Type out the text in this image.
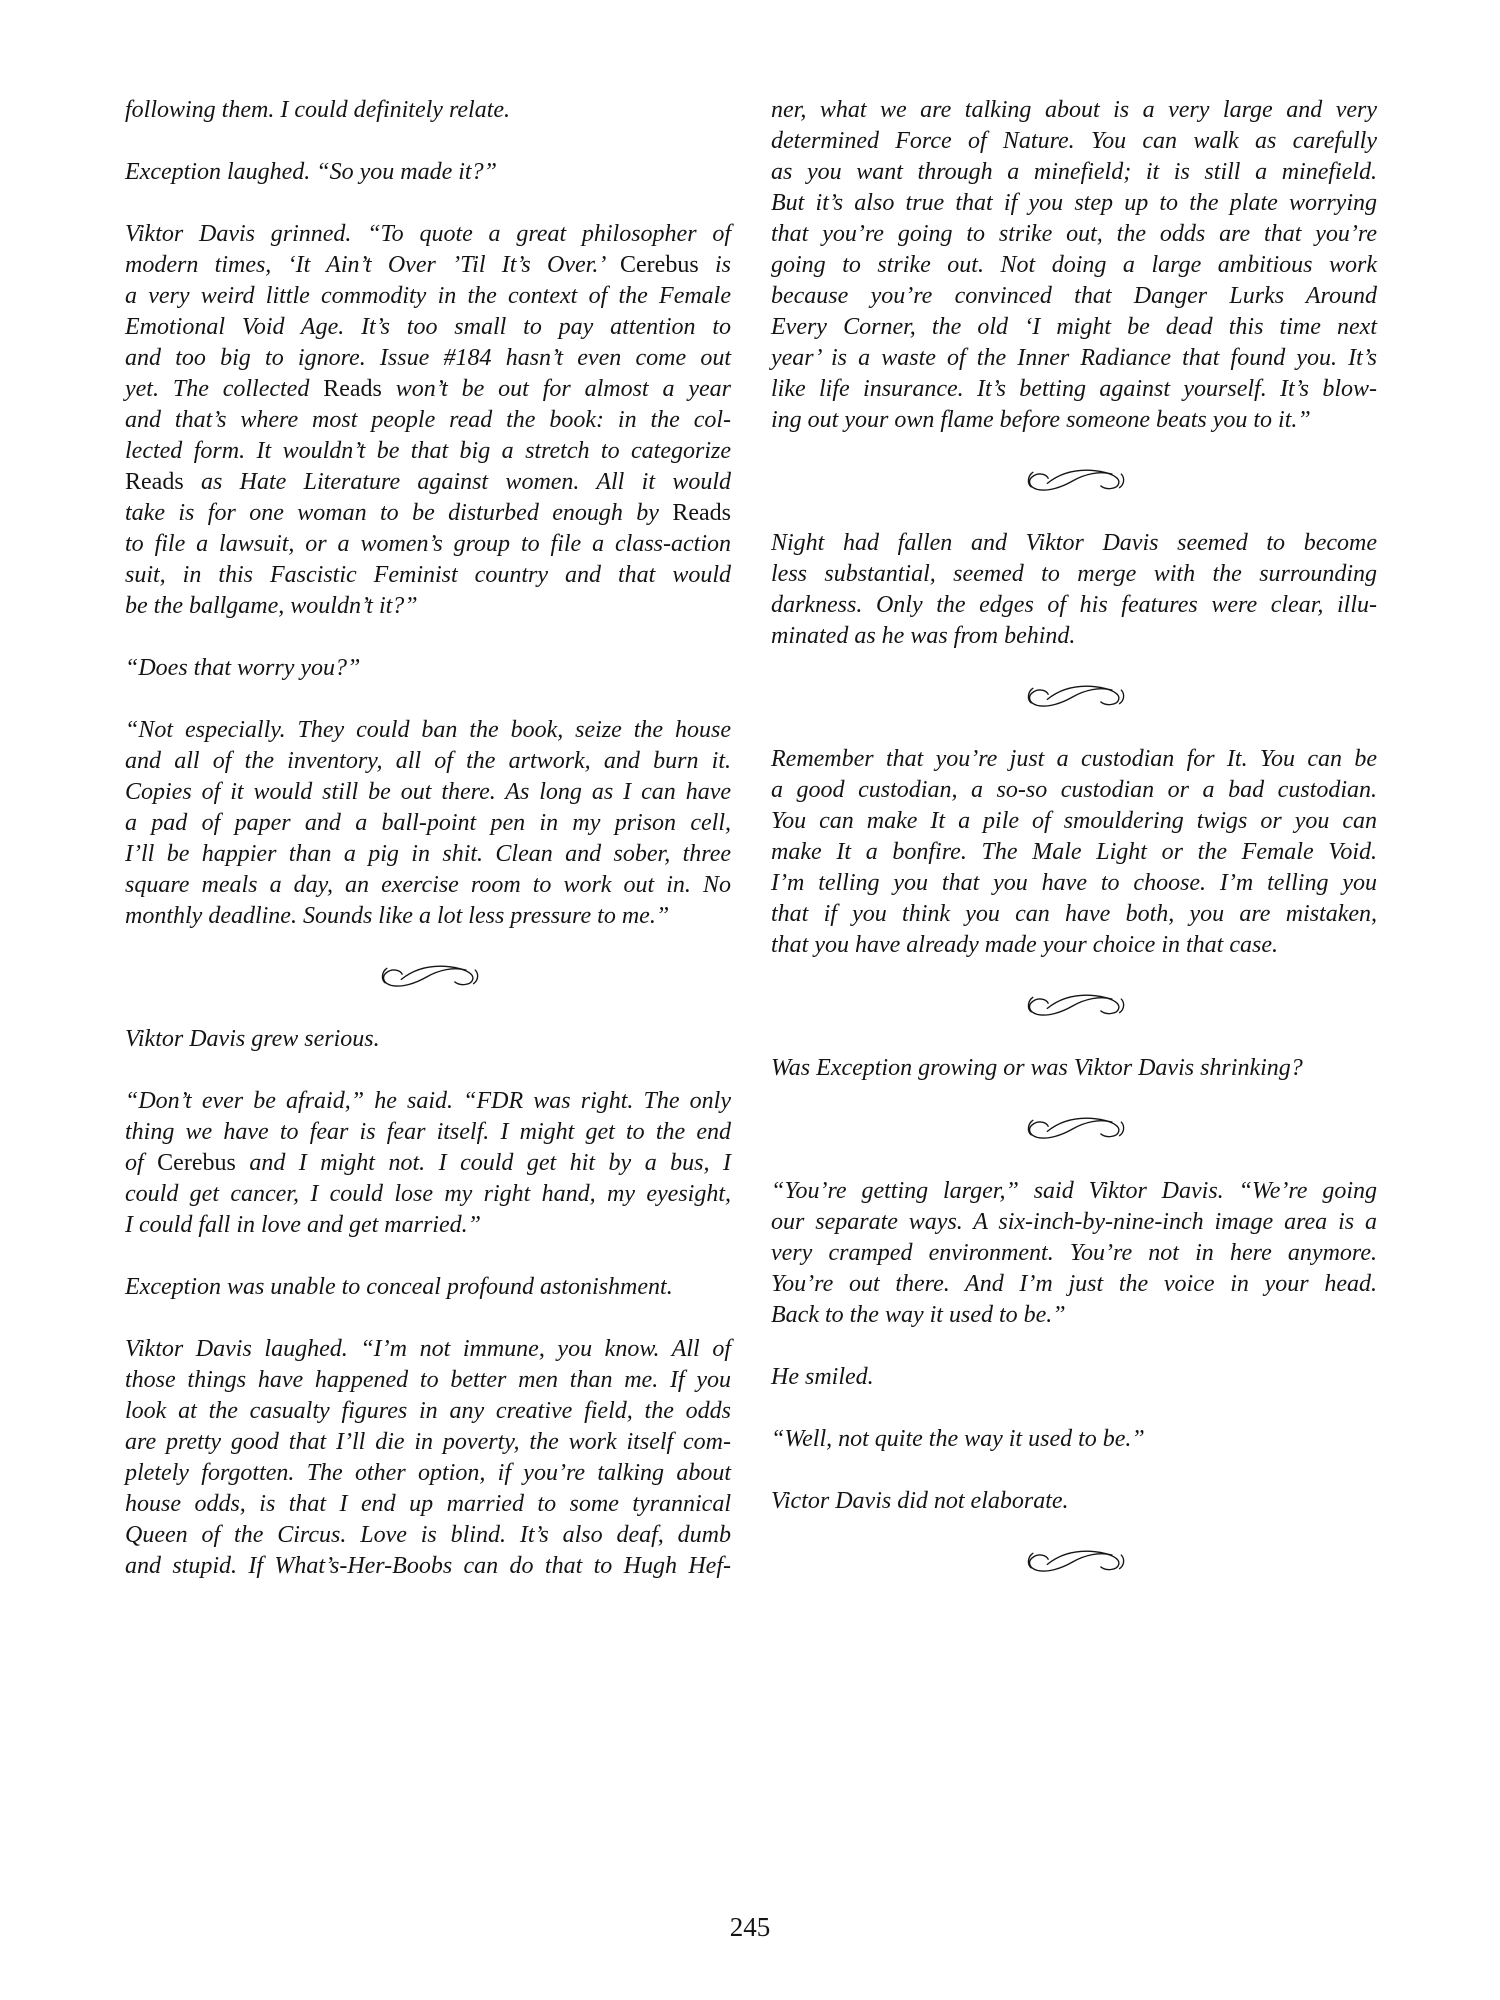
following them. I could definitely relate.
Exception laughed. “So you made it?”
Viktor Davis grinned. “To quote a great philosopher of
modern times, ‘It Ain’t Over ’Til It’s Over.’ Cerebus is
a very weird little commodity in the context of the Female
Emotional Void Age. It’s too small to pay attention to
and too big to ignore. Issue #184 hasn’t even come out
yet. The collected Reads won’t be out for almost a year
and that’s where most people read the book: in the col-
lected form. It wouldn’t be that big a stretch to categorize
Reads as Hate Literature against women. All it would
take is for one woman to be disturbed enough by Reads
to file a lawsuit, or a women’s group to file a class-action
suit, in this Fascistic Feminist country and that would
be the ballgame, wouldn’t it?”
“Does that worry you?”
“Not especially. They could ban the book, seize the house
and all of the inventory, all of the artwork, and burn it.
Copies of it would still be out there. As long as I can have
a pad of paper and a ball-point pen in my prison cell,
I’ll be happier than a pig in shit. Clean and sober, three
square meals a day, an exercise room to work out in. No
monthly deadline. Sounds like a lot less pressure to me.”
Viktor Davis grew serious.
“Don’t ever be afraid,” he said. “FDR was right. The only
thing we have to fear is fear itself. I might get to the end
of Cerebus and I might not. I could get hit by a bus, I
could get cancer, I could lose my right hand, my eyesight,
I could fall in love and get married.”
Exception was unable to conceal profound astonishment.
Viktor Davis laughed. “I’m not immune, you know. All of
those things have happened to better men than me. If you
look at the casualty figures in any creative field, the odds
are pretty good that I’ll die in poverty, the work itself com-
pletely forgotten. The other option, if you’re talking about
house odds, is that I end up married to some tyrannical
Queen of the Circus. Love is blind. It’s also deaf, dumb
and stupid. If What’s-Her-Boobs can do that to Hugh Hef-
ner, what we are talking about is a very large and very
determined Force of Nature. You can walk as carefully
as you want through a minefield; it is still a minefield.
But it’s also true that if you step up to the plate worrying
that you’re going to strike out, the odds are that you’re
going to strike out. Not doing a large ambitious work
because you’re convinced that Danger Lurks Around
Every Corner, the old ‘I might be dead this time next
year’ is a waste of the Inner Radiance that found you. It’s
like life insurance. It’s betting against yourself. It’s blow-
ing out your own flame before someone beats you to it.”
Night had fallen and Viktor Davis seemed to become
less substantial, seemed to merge with the surrounding
darkness. Only the edges of his features were clear, illu-
minated as he was from behind.
Remember that you’re just a custodian for It. You can be
a good custodian, a so-so custodian or a bad custodian.
You can make It a pile of smouldering twigs or you can
make It a bonfire. The Male Light or the Female Void.
I’m telling you that you have to choose. I’m telling you
that if you think you can have both, you are mistaken,
that you have already made your choice in that case.
Was Exception growing or was Viktor Davis shrinking?
“You’re getting larger,” said Viktor Davis. “We’re going
our separate ways. A six-inch-by-nine-inch image area is a
very cramped environment. You’re not in here anymore.
You’re out there. And I’m just the voice in your head.
Back to the way it used to be.”
He smiled.
“Well, not quite the way it used to be.”
Victor Davis did not elaborate.
245
